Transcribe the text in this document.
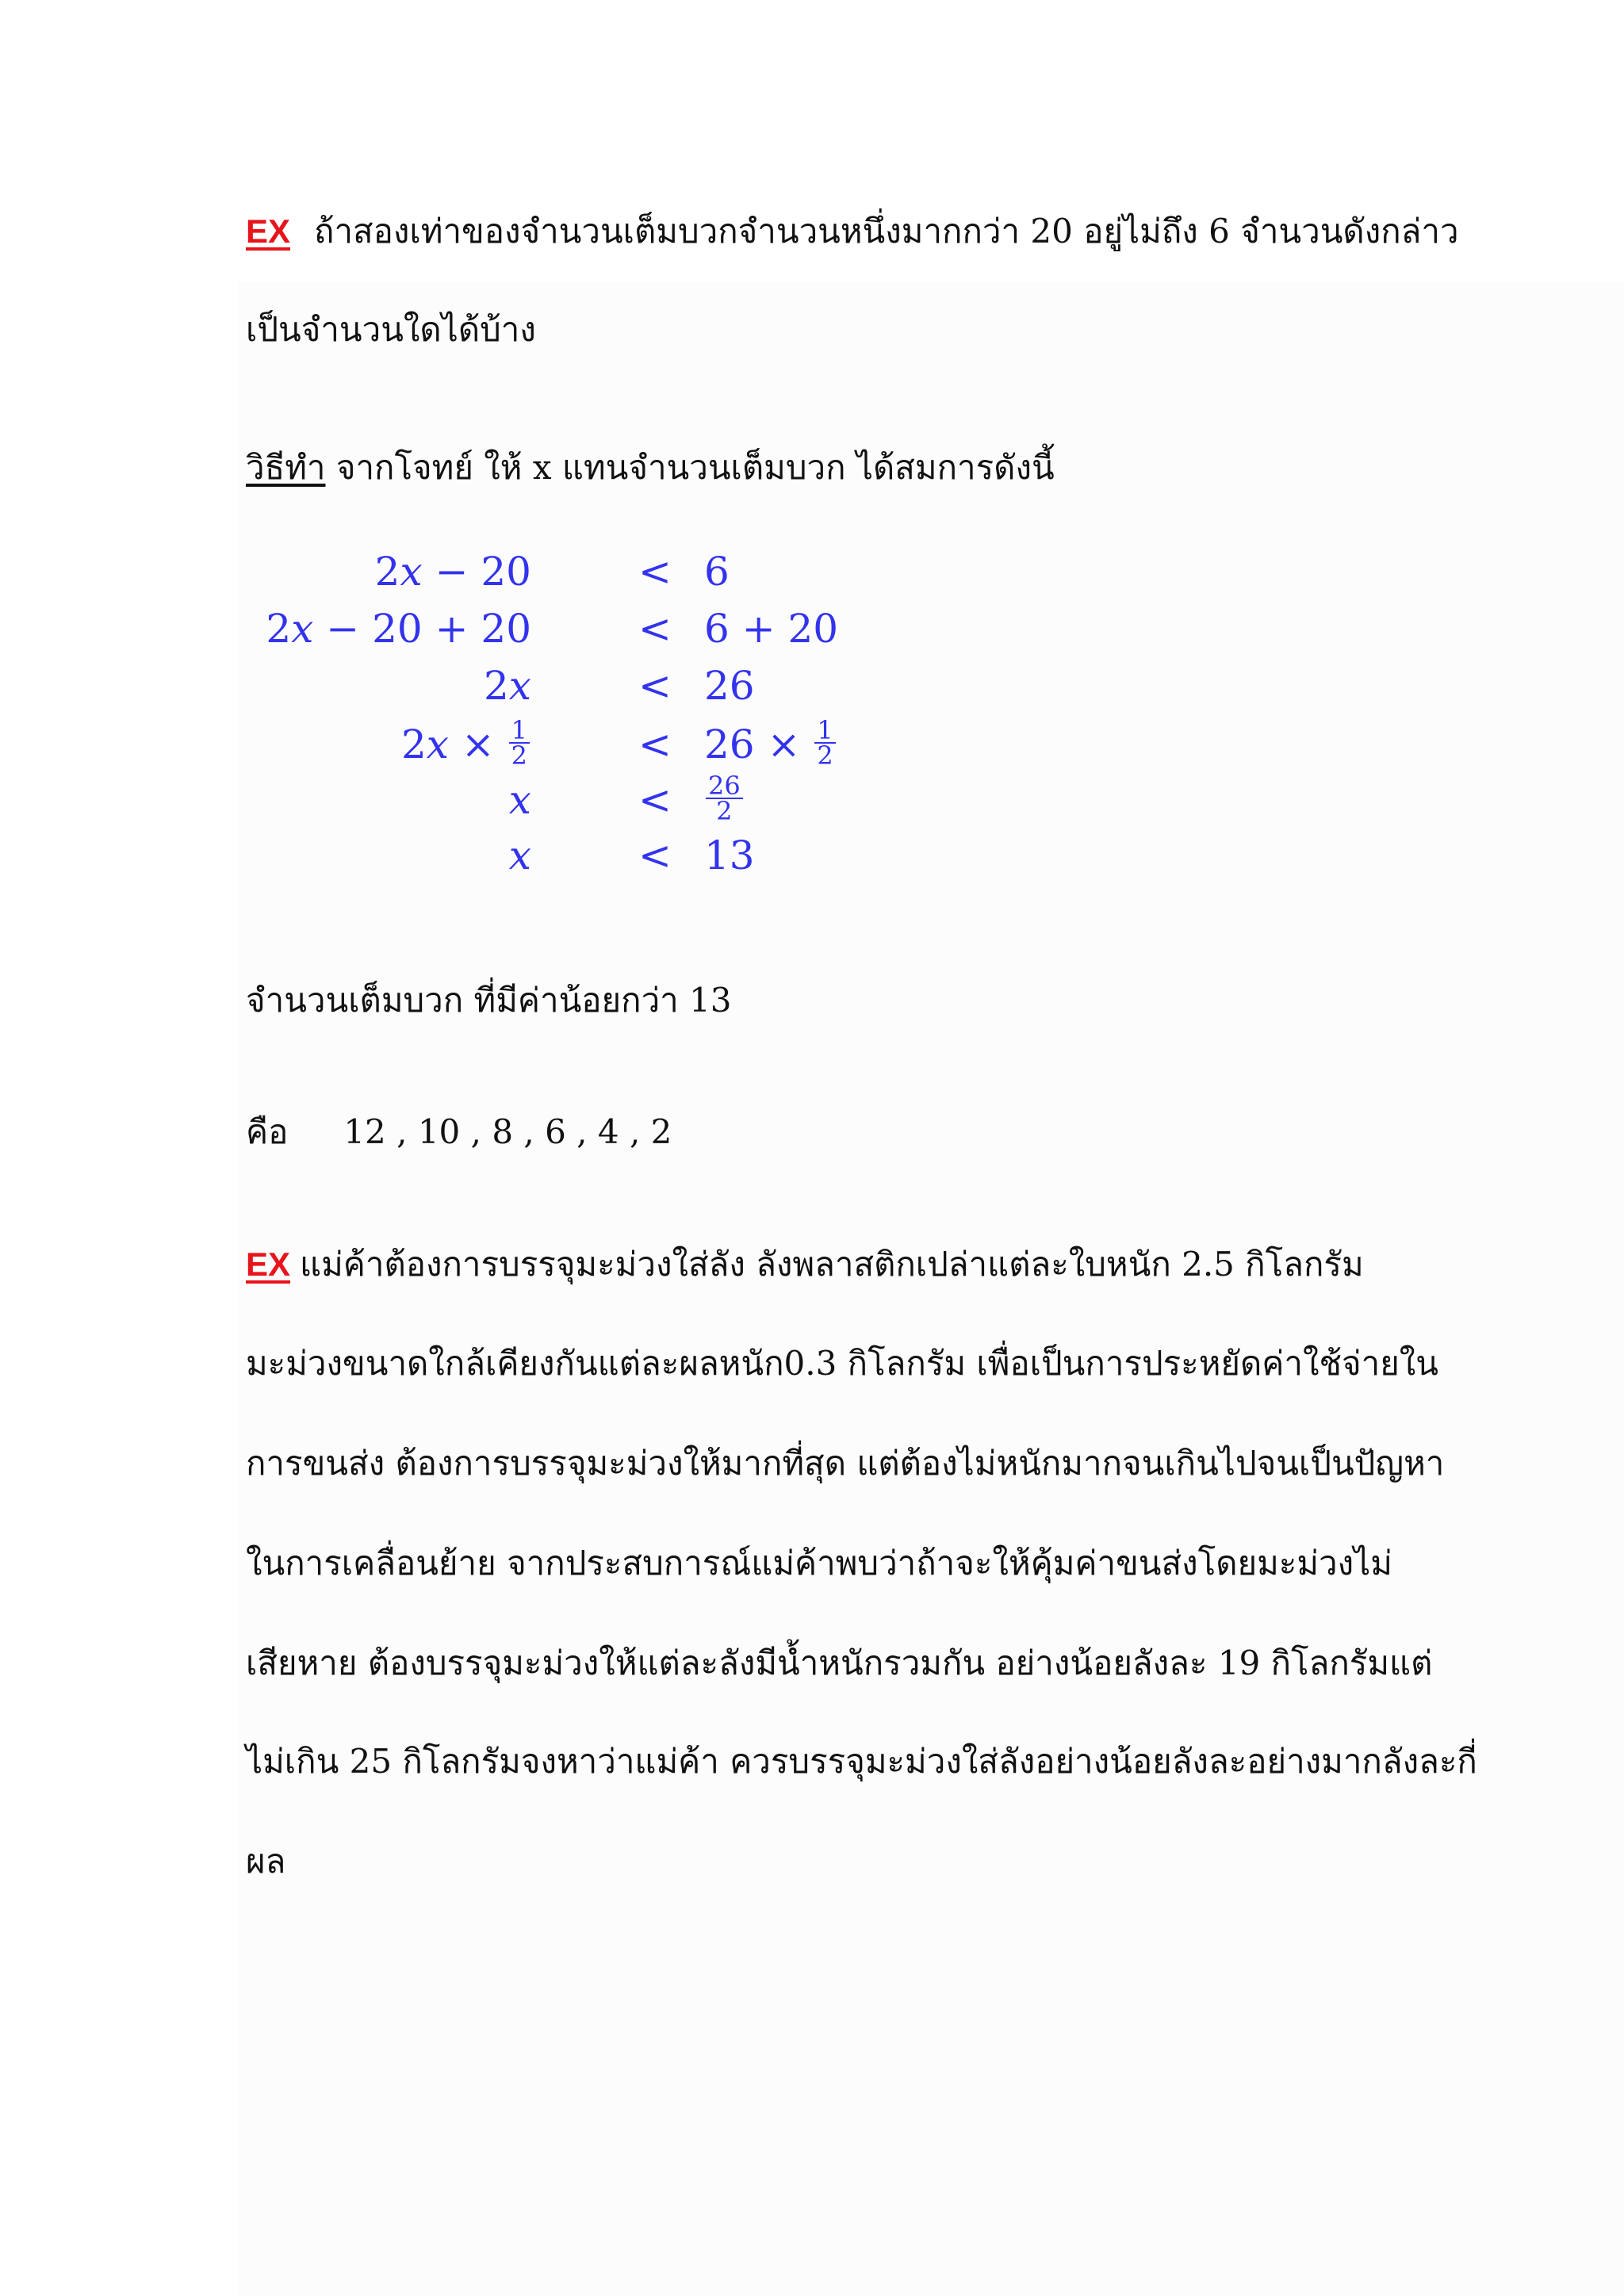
EX ถ้าสองเท่าของจำนวนเต็มบวกจำนวนหนึ่งมากกว่า 20 อยู่ไม่ถึง 6 จำนวนดังกล่าว
เป็นจำนวนใดได้บ้าง
วิธีทำ จากโจทย์ ให้ x แทนจำนวนเต็มบวก ได้สมการดังนี้
2x − 20	< 6
2x − 20 + 20	< 6 + 20
2x	< 26
$2x \times \frac{1}{2}$	< $26 \times \frac{1}{2}$
x	< $\frac{26}{2}$
x	< 13
จำนวนเต็มบวก ที่มีค่าน้อยกว่า 13
คือ 12 , 10 , 8 , 6 , 4 , 2
EX แม่ค้าต้องการบรรจุมะม่วงใส่ลัง ลังพลาสติกเปล่าแต่ละใบหนัก 2.5 กิโลกรัม
มะม่วงขนาดใกล้เคียงกันแต่ละผลหนัก0.3 กิโลกรัม เพื่อเป็นการประหยัดค่าใช้จ่ายใน
การขนส่ง ต้องการบรรจุมะม่วงให้มากที่สุด แต่ต้องไม่หนักมากจนเกินไปจนเป็นปัญหา
ในการเคลื่อนย้าย จากประสบการณ์แม่ค้าพบว่าถ้าจะให้คุ้มค่าขนส่งโดยมะม่วงไม่
เสียหาย ต้องบรรจุมะม่วงให้แต่ละลังมีน้ำหนักรวมกัน อย่างน้อยลังละ 19 กิโลกรัมแต่
ไม่เกิน 25 กิโลกรัมจงหาว่าแม่ค้า ควรบรรจุมะม่วงใส่ลังอย่างน้อยลังละอย่างมากลังละกี่
ผล
